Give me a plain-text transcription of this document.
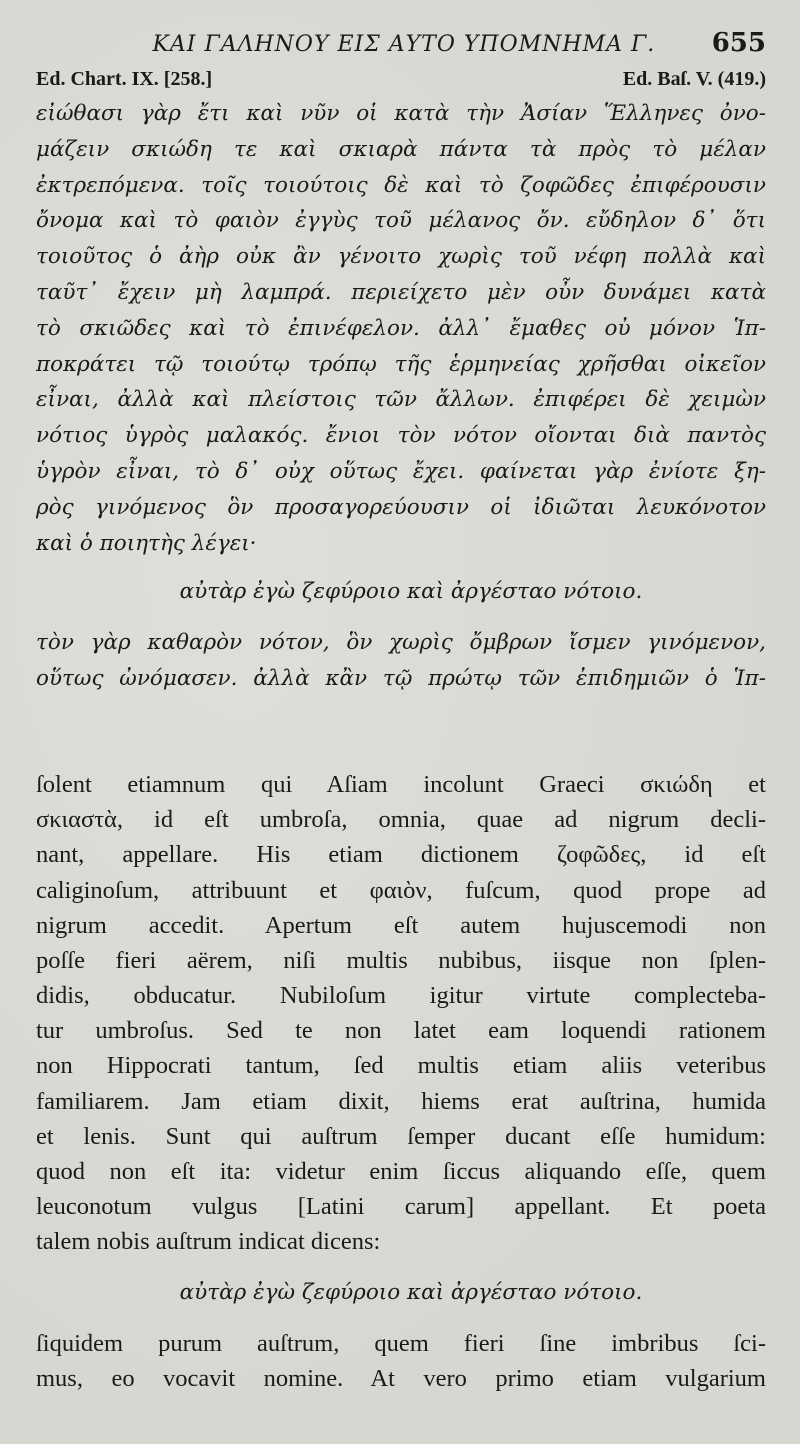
ΚΑΙ ΓΑΛΗΝΟΥ ΕΙΣ ΑΥΤΟ ΥΠΟΜΝΗΜΑ Γ.	655
Ed. Chart. IX. [258.]	Ed. Baſ. V. (419.)

εἰώθασι γὰρ ἔτι καὶ νῦν οἱ κατὰ τὴν Ἀσίαν Ἕλληνες ὀνο-

μάζειν σκιώδη τε καὶ σκιαρὰ πάντα τὰ πρὸς τὸ μέλαν

ἐκτρεπόμενα. τοῖς τοιούτοις δὲ καὶ τὸ ζοφῶδες ἐπιφέρουσιν

ὄνομα καὶ τὸ φαιὸν ἐγγὺς τοῦ μέλανος ὄν. εὔδηλον δ᾽ ὅτι

τοιοῦτος ὁ ἀὴρ οὐκ ἂν γένοιτο χωρὶς τοῦ νέφη πολλὰ καὶ

ταῦτ᾽ ἔχειν μὴ λαμπρά. περιείχετο μὲν οὖν δυνάμει κατὰ

τὸ σκιῶδες καὶ τὸ ἐπινέφελον. ἀλλ᾽ ἔμαθες οὐ μόνον Ἱπ-

ποκράτει τῷ τοιούτῳ τρόπῳ τῆς ἑρμηνείας χρῆσθαι οἰκεῖον

εἶναι, ἀλλὰ καὶ πλείστοις τῶν ἄλλων. ἐπιφέρει δὲ χειμὼν

νότιος ὑγρὸς μαλακός. ἔνιοι τὸν νότον οἴονται διὰ παντὸς

ὑγρὸν εἶναι, τὸ δ᾽ οὐχ οὕτως ἔχει. φαίνεται γὰρ ἐνίοτε ξη-

ρὸς γινόμενος ὃν προσαγορεύουσιν οἱ ἰδιῶται λευκόνοτον

καὶ ὁ ποιητὴς λέγει·

αὐτὰρ ἐγὼ ζεφύροιο καὶ ἀργέσταο νότοιο.

τὸν γὰρ καθαρὸν νότον, ὃν χωρὶς ὄμβρων ἴσμεν γινόμενον,

οὕτως ὠνόμασεν. ἀλλὰ κἂν τῷ πρώτῳ τῶν ἐπιδημιῶν ὁ Ἱπ-

ſolent etiamnum qui Aſiam incolunt Graeci σκιώδη et

σκιαστὰ, id eſt umbroſa, omnia, quae ad nigrum decli-

nant, appellare. His etiam dictionem ζοφῶδες, id eſt

caliginoſum, attribuunt et φαιὸν, fuſcum, quod prope ad

nigrum accedit. Apertum eſt autem hujuscemodi non

poſſe fieri aërem, niſi multis nubibus, iisque non ſplen-

didis, obducatur. Nubiloſum igitur virtute complecteba-

tur umbroſus. Sed te non latet eam loquendi rationem

non Hippocrati tantum, ſed multis etiam aliis veteribus

familiarem. Jam etiam dixit, hiems erat auſtrina, humida

et lenis. Sunt qui auſtrum ſemper ducant eſſe humidum:

quod non eſt ita: videtur enim ſiccus aliquando eſſe, quem

leuconotum vulgus [Latini carum] appellant. Et poeta

talem nobis auſtrum indicat dicens:

αὐτὰρ ἐγὼ ζεφύροιο καὶ ἀργέσταο νότοιο.

ſiquidem purum auſtrum, quem fieri ſine imbribus ſci-

mus, eo vocavit nomine. At vero primo etiam vulgarium
